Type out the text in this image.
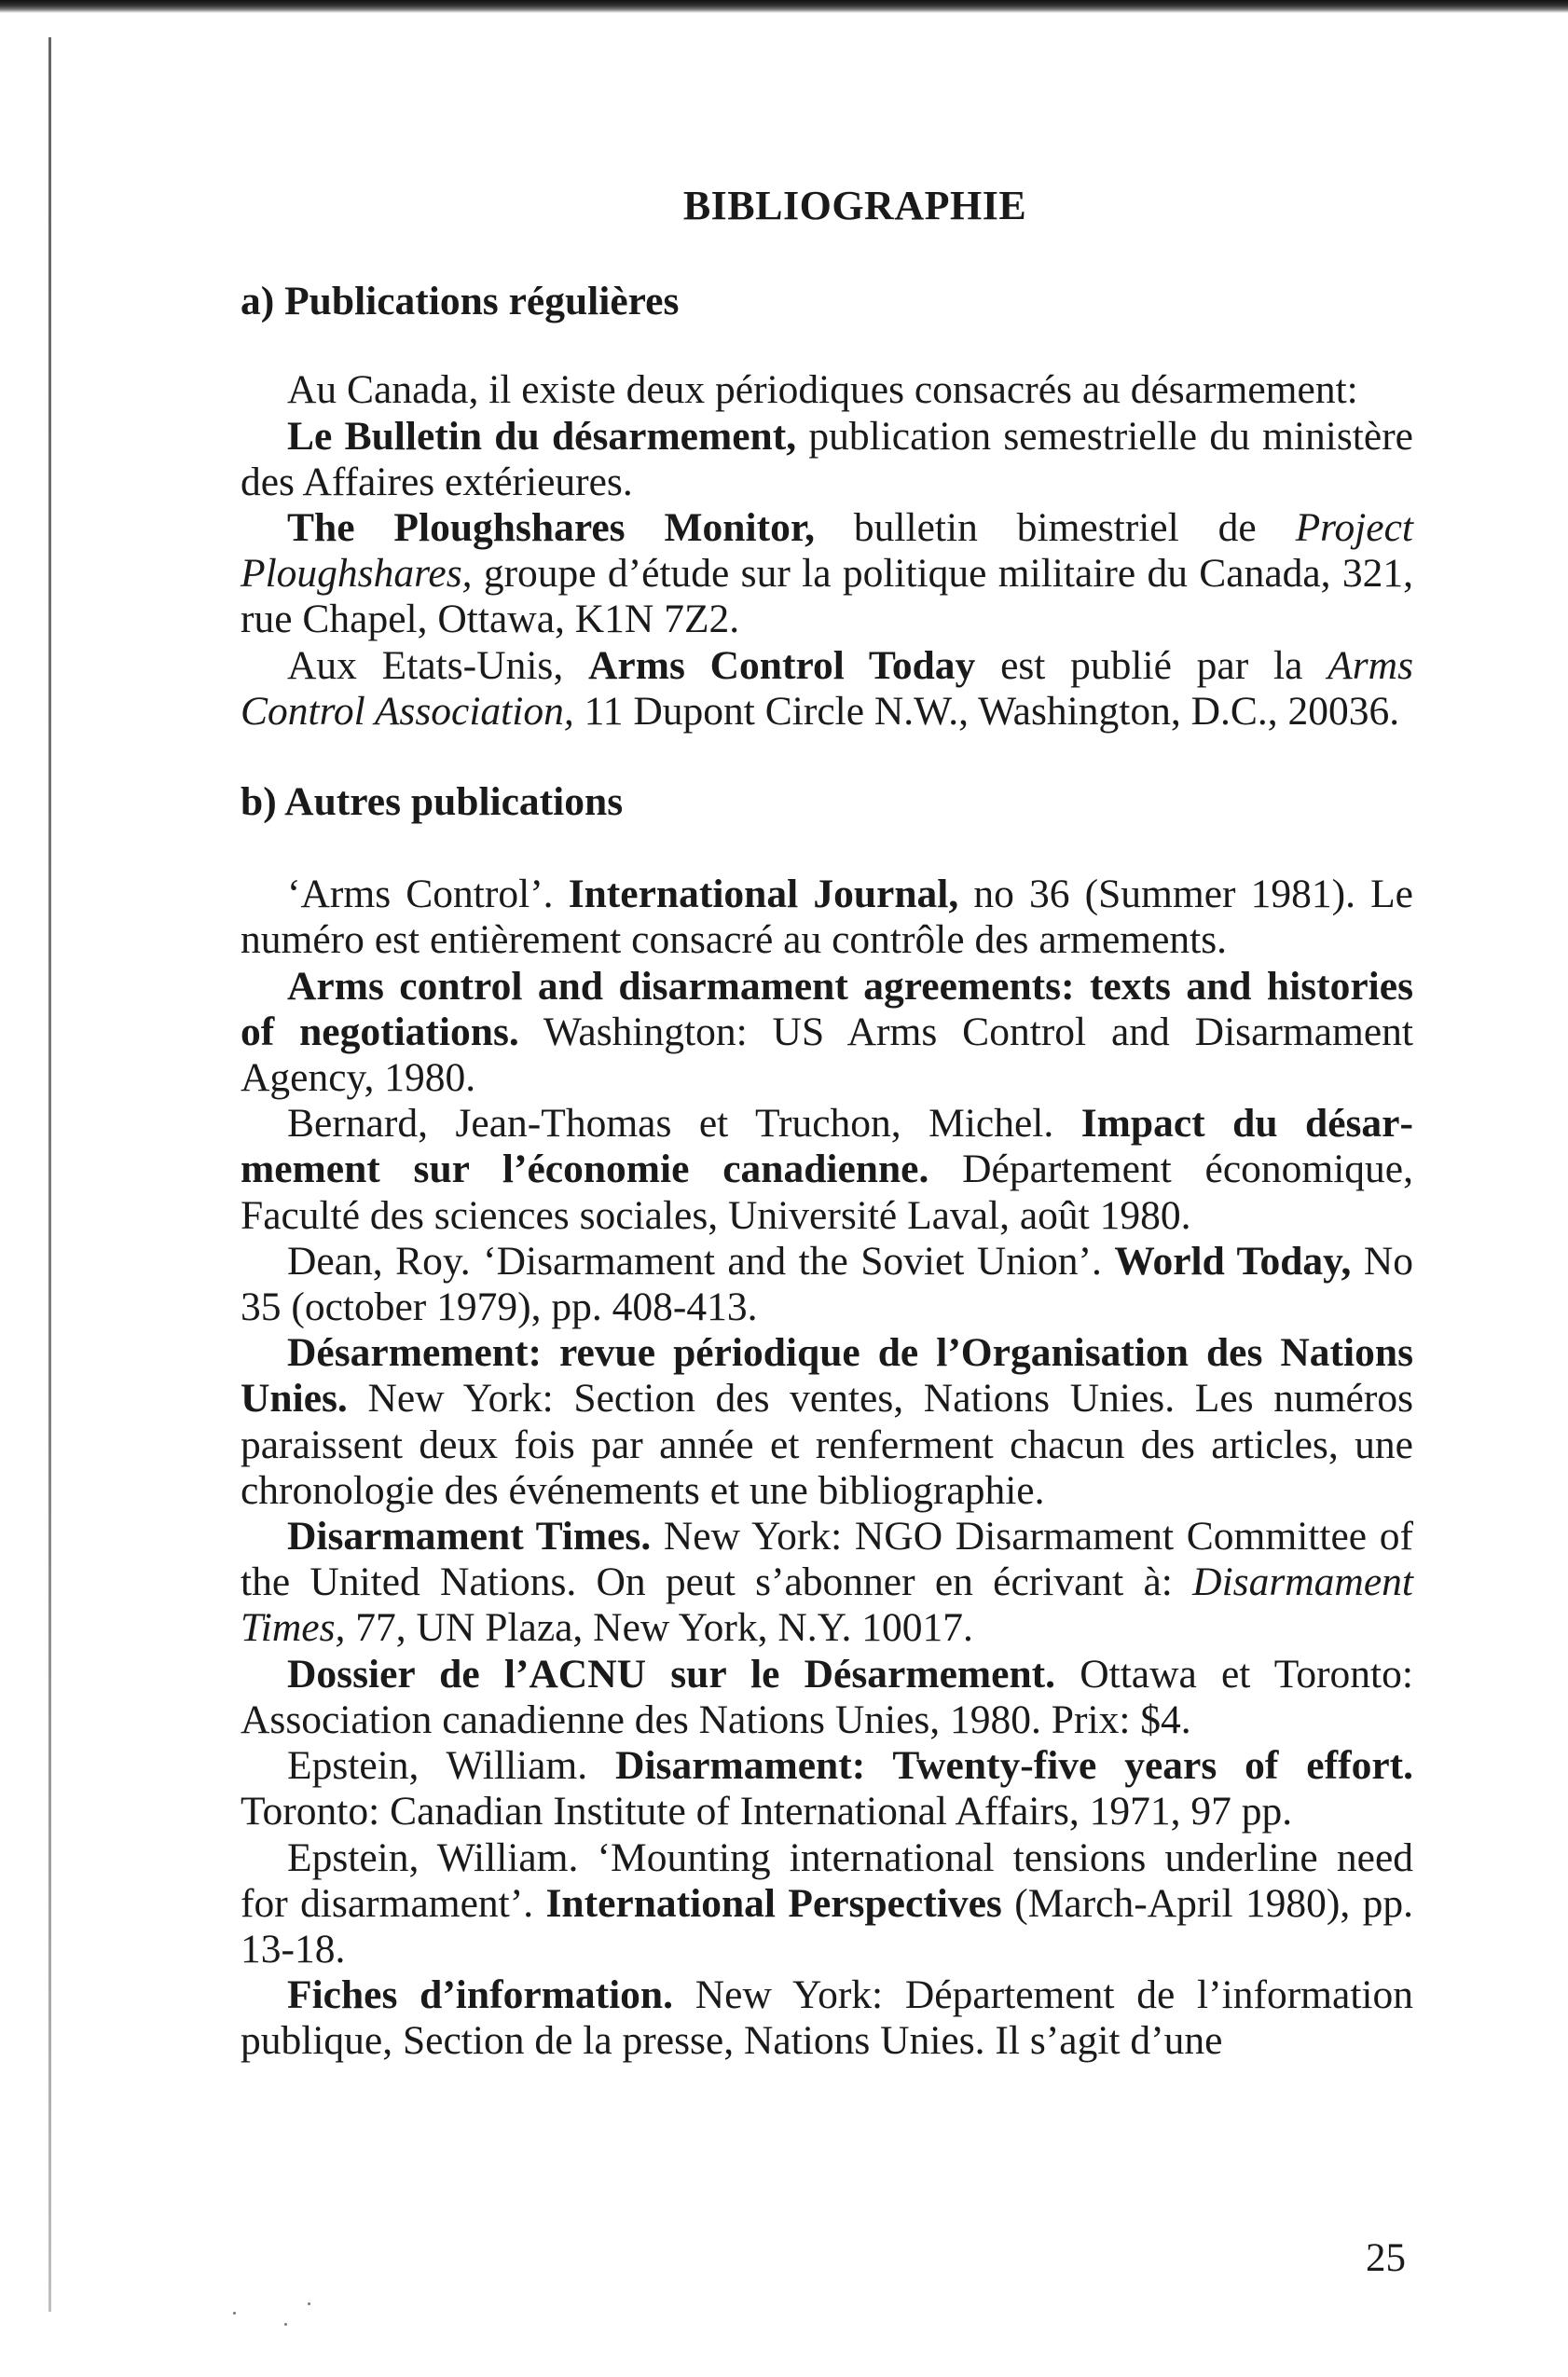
BIBLIOGRAPHIE
a) Publications régulières

Au Canada, il existe deux périodiques consacrés au désarmement:

Le Bulletin du désarmement, publication semestrielle du ministère des Affaires extérieures.

The Ploughshares Monitor, bulletin bimestriel de Project Ploughshares, groupe d’étude sur la politique militaire du Canada, 321, rue Chapel, Ottawa, K1N 7Z2.

Aux Etats-Unis, Arms Control Today est publié par la Arms Control Association, 11 Dupont Circle N.W., Washington, D.C., 20036.

b) Autres publications

‘Arms Control’. International Journal, no 36 (Summer 1981). Le numéro est entièrement consacré au contrôle des armements.

Arms control and disarmament agreements: texts and histories of negotiations. Washington: US Arms Control and Disarmament Agency, 1980.

Bernard, Jean-Thomas et Truchon, Michel. Impact du désarmement sur l’économie canadienne. Département économique, Faculté des sciences sociales, Université Laval, août 1980.

Dean, Roy. ‘Disarmament and the Soviet Union’. World Today, No 35 (october 1979), pp. 408-413.

Désarmement: revue périodique de l’Organisation des Nations Unies. New York: Section des ventes, Nations Unies. Les numéros paraissent deux fois par année et renferment chacun des articles, une chronologie des événements et une bibliographie.

Disarmament Times. New York: NGO Disarmament Committee of the United Nations. On peut s’abonner en écrivant à: Disarmament Times, 77, UN Plaza, New York, N.Y. 10017.

Dossier de l’ACNU sur le Désarmement. Ottawa et Toronto: Association canadienne des Nations Unies, 1980. Prix: $4.

Epstein, William. Disarmament: Twenty-five years of effort. Toronto: Canadian Institute of International Affairs, 1971, 97 pp.

Epstein, William. ‘Mounting international tensions underline need for disarmament’. International Perspectives (March-April 1980), pp. 13-18.

Fiches d’information. New York: Département de l’information publique, Section de la presse, Nations Unies. Il s’agit d’une

25
